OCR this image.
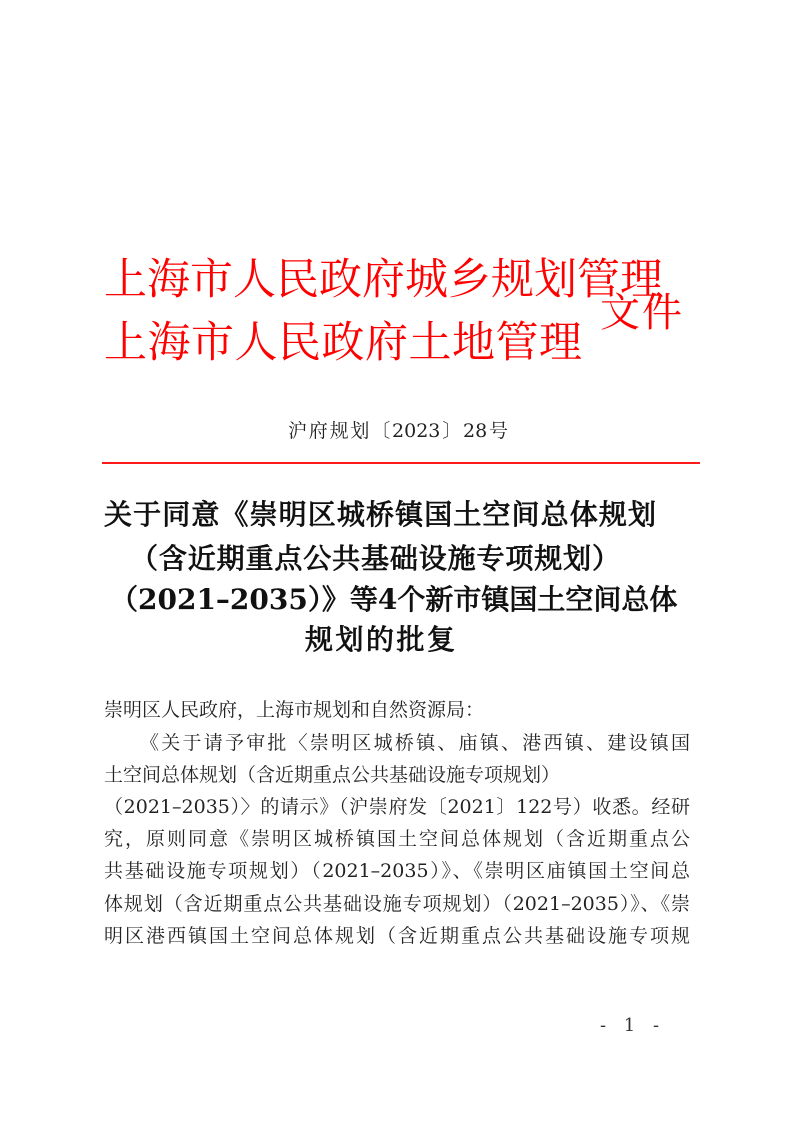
上海市人民政府城乡规划管理
上海市人民政府土地管理
文件
沪府规划〔2023〕28号
关于同意《崇明区城桥镇国土空间总体规划
（含近期重点公共基础设施专项规划）
（2021–2035）》等4个新市镇国土空间总体
规划的批复
崇明区人民政府，上海市规划和自然资源局：
《关于请予审批〈崇明区城桥镇、庙镇、港西镇、建设镇国
土空间总体规划（含近期重点公共基础设施专项规划）
（2021–2035）〉的请示》（沪崇府发〔2021〕122号）收悉。经研
究，原则同意《崇明区城桥镇国土空间总体规划（含近期重点公
共基础设施专项规划）（2021–2035）》、《崇明区庙镇国土空间总
体规划（含近期重点公共基础设施专项规划）（2021–2035）》、《崇
明区港西镇国土空间总体规划（含近期重点公共基础设施专项规
- 1 -
